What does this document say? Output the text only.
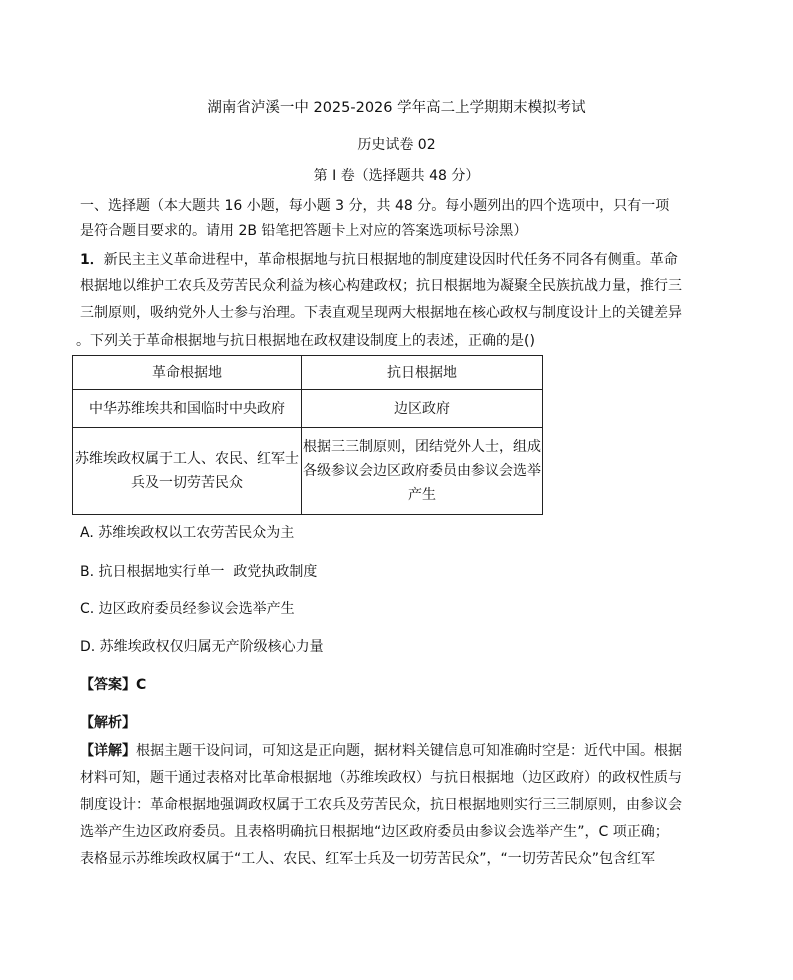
湖南省泸溪一中 2025-2026 学年高二上学期期末模拟考试
历史试卷 02
第 I 卷（选择题共 48 分）
一、选择题（本大题共 16 小题，每小题 3 分，共 48 分。每小题列出的四个选项中，只有一项
是符合题目要求的。请用 2B 铅笔把答题卡上对应的答案选项标号涂黑）
1．新民主主义革命进程中，革命根据地与抗日根据地的制度建设因时代任务不同各有侧重。革命
根据地以维护工农兵及劳苦民众利益为核心构建政权；抗日根据地为凝聚全民族抗战力量，推行三
三制原则，吸纳党外人士参与治理。下表直观呈现两大根据地在核心政权与制度设计上的关键差异
。下列关于革命根据地与抗日根据地在政权建设制度上的表述，正确的是()
革命根据地	抗日根据地
中华苏维埃共和国临时中央政府	边区政府
苏维埃政权属于工人、农民、红军士兵及一切劳苦民众	根据三三制原则，团结党外人士，组成各级参议会边区政府委员由参议会选举产生
A. 苏维埃政权以工农劳苦民众为主
B. 抗日根据地实行单一  政党执政制度
C. 边区政府委员经参议会选举产生
D. 苏维埃政权仅归属无产阶级核心力量
【答案】C
【解析】
【详解】根据主题干设问词，可知这是正向题，据材料关键信息可知准确时空是：近代中国。根据
材料可知，题干通过表格对比革命根据地（苏维埃政权）与抗日根据地（边区政府）的政权性质与
制度设计：革命根据地强调政权属于工农兵及劳苦民众，抗日根据地则实行三三制原则，由参议会
选举产生边区政府委员。且表格明确抗日根据地“边区政府委员由参议会选举产生”，C 项正确；
表格显示苏维埃政权属于“工人、农民、红军士兵及一切劳苦民众”，“一切劳苦民众”包含红军
